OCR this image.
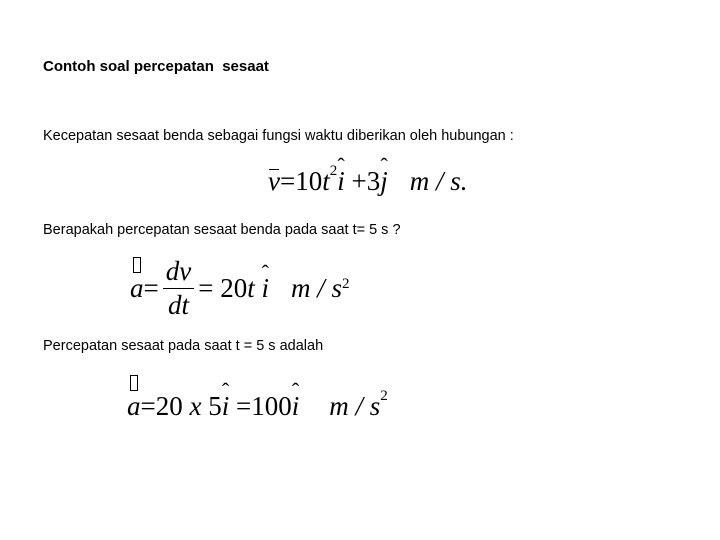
Contoh soal percepatan  sesaat
Kecepatan sesaat benda sebagai fungsi waktu diberikan oleh hubungan :
$v=10t^2ˆ$ i +3ˆ j m / s.
Berapakah percepatan sesaat benda pada saat t= 5 s ?
$a = \frac{dv}{dt}$ =
20 t

ˆ i m / $s^2$
Percepatan sesaat pada saat t = 5 s adalah
a=20 x 5ˆ i =100ˆ i m / $s^2$
